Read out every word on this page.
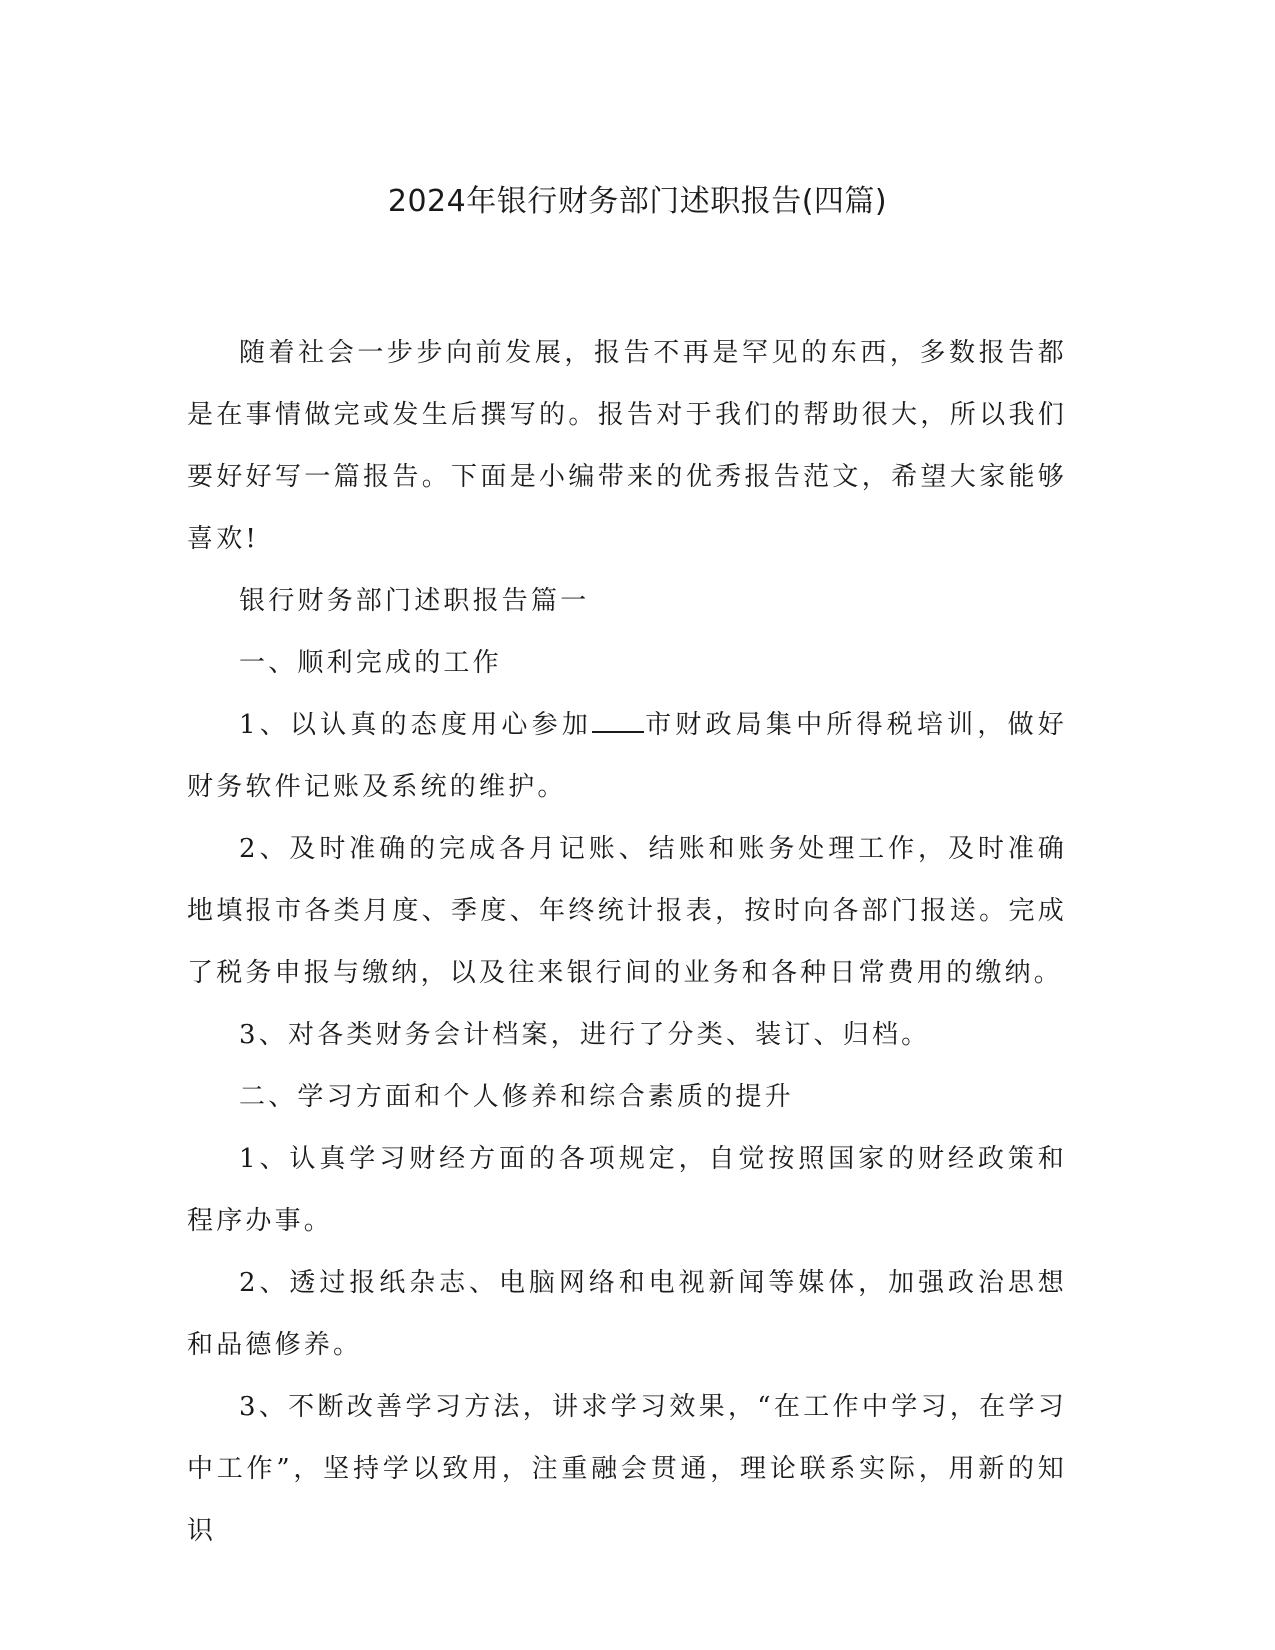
2024年银行财务部门述职报告(四篇)

随着社会一步步向前发展，报告不再是罕见的东西，多数报告都是在事情做完或发生后撰写的。报告对于我们的帮助很大，所以我们要好好写一篇报告。下面是小编带来的优秀报告范文，希望大家能够喜欢!

银行财务部门述职报告篇一

一、顺利完成的工作

1、以认真的态度用心参加 市财政局集中所得税培训，做好财务软件记账及系统的维护。

2、及时准确的完成各月记账、结账和账务处理工作，及时准确地填报市各类月度、季度、年终统计报表，按时向各部门报送。完成了税务申报与缴纳，以及往来银行间的业务和各种日常费用的缴纳。

3、对各类财务会计档案，进行了分类、装订、归档。

二、学习方面和个人修养和综合素质的提升

1、认真学习财经方面的各项规定，自觉按照国家的财经政策和程序办事。

2、透过报纸杂志、电脑网络和电视新闻等媒体，加强政治思想和品德修养。

3、不断改善学习方法，讲求学习效果，“在工作中学习，在学习中工作”，坚持学以致用，注重融会贯通，理论联系实际，用新的知识
